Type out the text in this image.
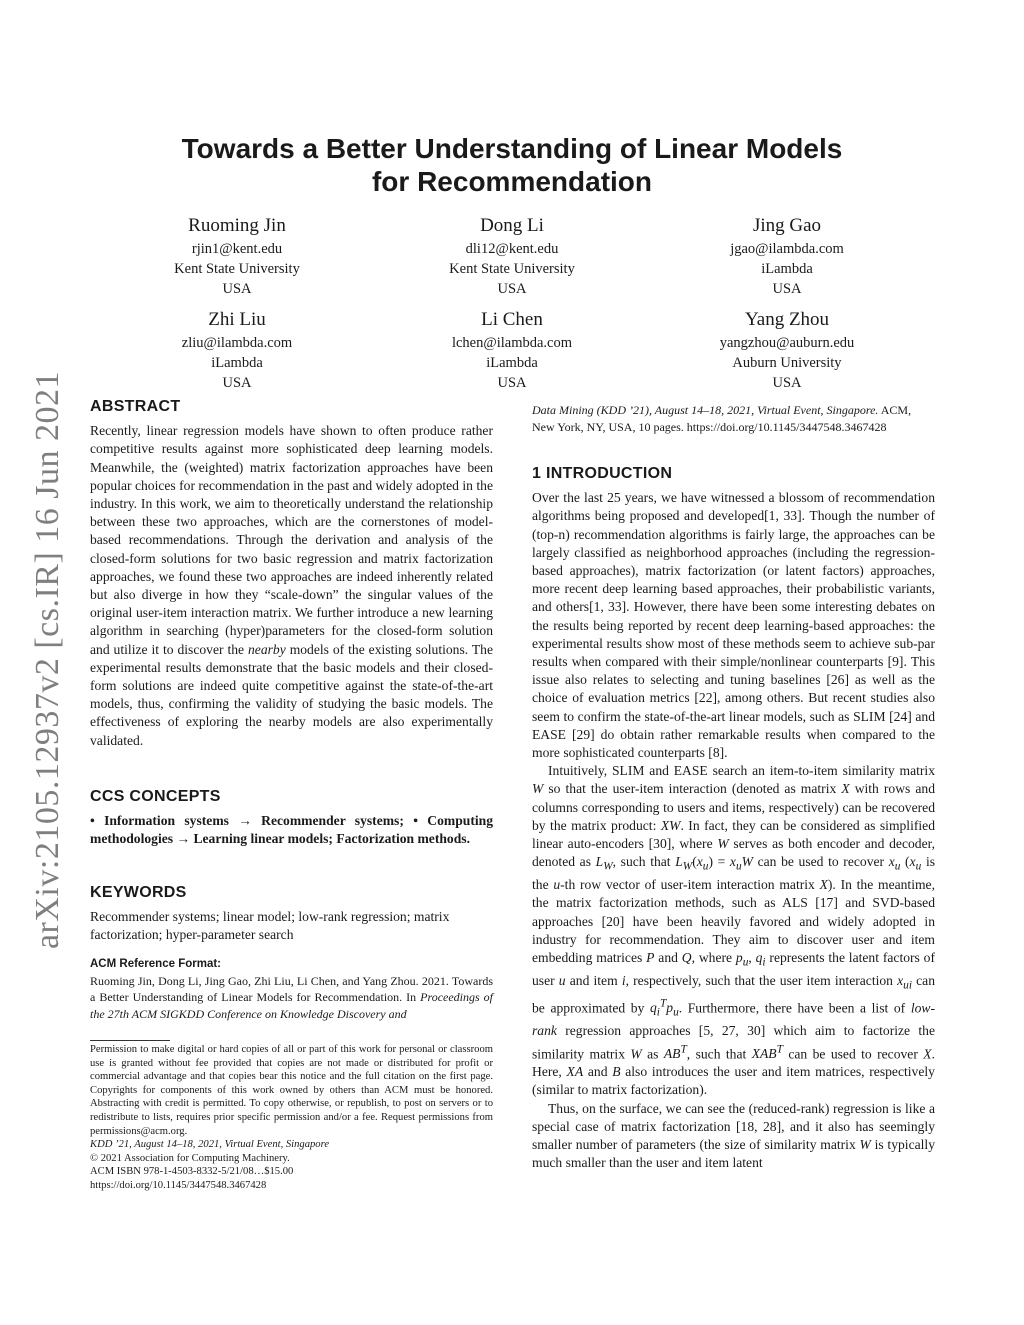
arXiv:2105.12937v2 [cs.IR] 16 Jun 2021
Towards a Better Understanding of Linear Models
for Recommendation
Ruoming Jin
rjin1@kent.edu
Kent State University
USA
Dong Li
dli12@kent.edu
Kent State University
USA
Jing Gao
jgao@ilambda.com
iLambda
USA
Zhi Liu
zliu@ilambda.com
iLambda
USA
Li Chen
lchen@ilambda.com
iLambda
USA
Yang Zhou
yangzhou@auburn.edu
Auburn University
USA
ABSTRACT

Recently, linear regression models have shown to often produce rather competitive results against more sophisticated deep learning models. Meanwhile, the (weighted) matrix factorization approaches have been popular choices for recommendation in the past and widely adopted in the industry. In this work, we aim to theoretically understand the relationship between these two approaches, which are the cornerstones of model-based recommendations. Through the derivation and analysis of the closed-form solutions for two basic regression and matrix factorization approaches, we found these two approaches are indeed inherently related but also diverge in how they “scale-down” the singular values of the original user-item interaction matrix. We further introduce a new learning algorithm in searching (hyper)parameters for the closed-form solution and utilize it to discover the nearby models of the existing solutions. The experimental results demonstrate that the basic models and their closed-form solutions are indeed quite competitive against the state-of-the-art models, thus, confirming the validity of studying the basic models. The effectiveness of exploring the nearby models are also experimentally validated.

CCS CONCEPTS

• Information systems → Recommender systems; • Computing methodologies → Learning linear models; Factorization methods.

KEYWORDS

Recommender systems; linear model; low-rank regression; matrix factorization; hyper-parameter search

ACM Reference Format:

Ruoming Jin, Dong Li, Jing Gao, Zhi Liu, Li Chen, and Yang Zhou. 2021. Towards a Better Understanding of Linear Models for Recommendation. In Proceedings of the 27th ACM SIGKDD Conference on Knowledge Discovery and

Permission to make digital or hard copies of all or part of this work for personal or classroom use is granted without fee provided that copies are not made or distributed for profit or commercial advantage and that copies bear this notice and the full citation on the first page. Copyrights for components of this work owned by others than ACM must be honored. Abstracting with credit is permitted. To copy otherwise, or republish, to post on servers or to redistribute to lists, requires prior specific permission and/or a fee. Request permissions from permissions@acm.org.

KDD ’21, August 14–18, 2021, Virtual Event, Singapore

© 2021 Association for Computing Machinery.

ACM ISBN 978-1-4503-8332-5/21/08…$15.00

https://doi.org/10.1145/3447548.3467428

Data Mining (KDD ’21), August 14–18, 2021, Virtual Event, Singapore. ACM, New York, NY, USA, 10 pages. https://doi.org/10.1145/3447548.3467428
1 INTRODUCTION

Over the last 25 years, we have witnessed a blossom of recommendation algorithms being proposed and developed[1, 33]. Though the number of (top-n) recommendation algorithms is fairly large, the approaches can be largely classified as neighborhood approaches (including the regression-based approaches), matrix factorization (or latent factors) approaches, more recent deep learning based approaches, their probabilistic variants, and others[1, 33]. However, there have been some interesting debates on the results being reported by recent deep learning-based approaches: the experimental results show most of these methods seem to achieve sub-par results when compared with their simple/nonlinear counterparts [9]. This issue also relates to selecting and tuning baselines [26] as well as the choice of evaluation metrics [22], among others. But recent studies also seem to confirm the state-of-the-art linear models, such as SLIM [24] and EASE [29] do obtain rather remarkable results when compared to the more sophisticated counterparts [8].

Intuitively, SLIM and EASE search an item-to-item similarity matrix W so that the user-item interaction (denoted as matrix X with rows and columns corresponding to users and items, respectively) can be recovered by the matrix product: XW. In fact, they can be considered as simplified linear auto-encoders [30], where W serves as both encoder and decoder, denoted as $L_W$, such that $L_W(x_u) = x_uW$ can be used to recover $x_u$ ($x_u$ is the u-th row vector of user-item interaction matrix X). In the meantime, the matrix factorization methods, such as ALS [17] and SVD-based approaches [20] have been heavily favored and widely adopted in industry for recommendation. They aim to discover user and item embedding matrices P and Q, where $p_u$, $q_i$ represents the latent factors of user u and item i, respectively, such that the user item interaction $x_{ui}$ can be approximated by $q_i^Tp_u$. Furthermore, there have been a list of low-rank regression approaches [5, 27, 30] which aim to factorize the similarity matrix W as $AB^T$, such that $XAB^T$ can be used to recover X. Here, XA and B also introduces the user and item matrices, respectively (similar to matrix factorization).

Thus, on the surface, we can see the (reduced-rank) regression is like a special case of matrix factorization [18, 28], and it also has seemingly smaller number of parameters (the size of similarity matrix W is typically much smaller than the user and item latent
